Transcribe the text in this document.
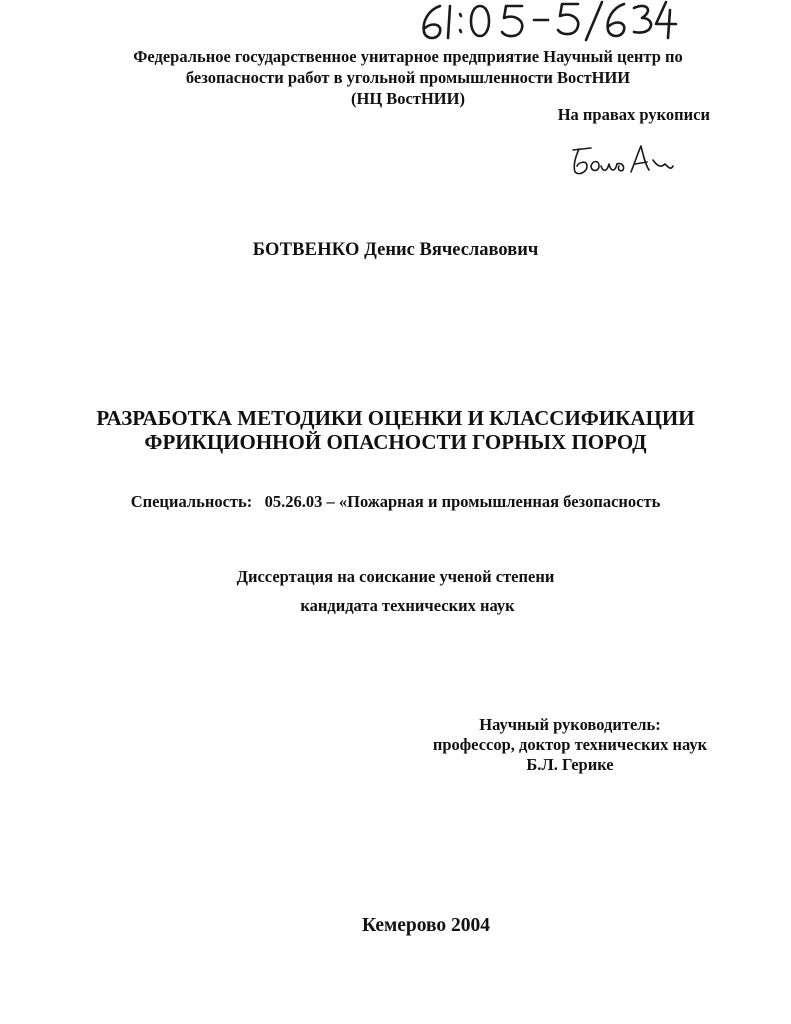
Федеральное государственное унитарное предприятие Научный центр по
безопасности работ в угольной промышленности ВостНИИ
(НЦ ВостНИИ)
На правах рукописи
БОТВЕНКО Денис Вячеславович
РАЗРАБОТКА МЕТОДИКИ ОЦЕНКИ И КЛАССИФИКАЦИИ
ФРИКЦИОННОЙ ОПАСНОСТИ ГОРНЫХ ПОРОД
Специальность: 05.26.03 – «Пожарная и промышленная безопасность
Диссертация на соискание ученой степени
кандидата технических наук
Научный руководитель:
профессор, доктор технических наук
Б.Л. Герике
Кемерово 2004
